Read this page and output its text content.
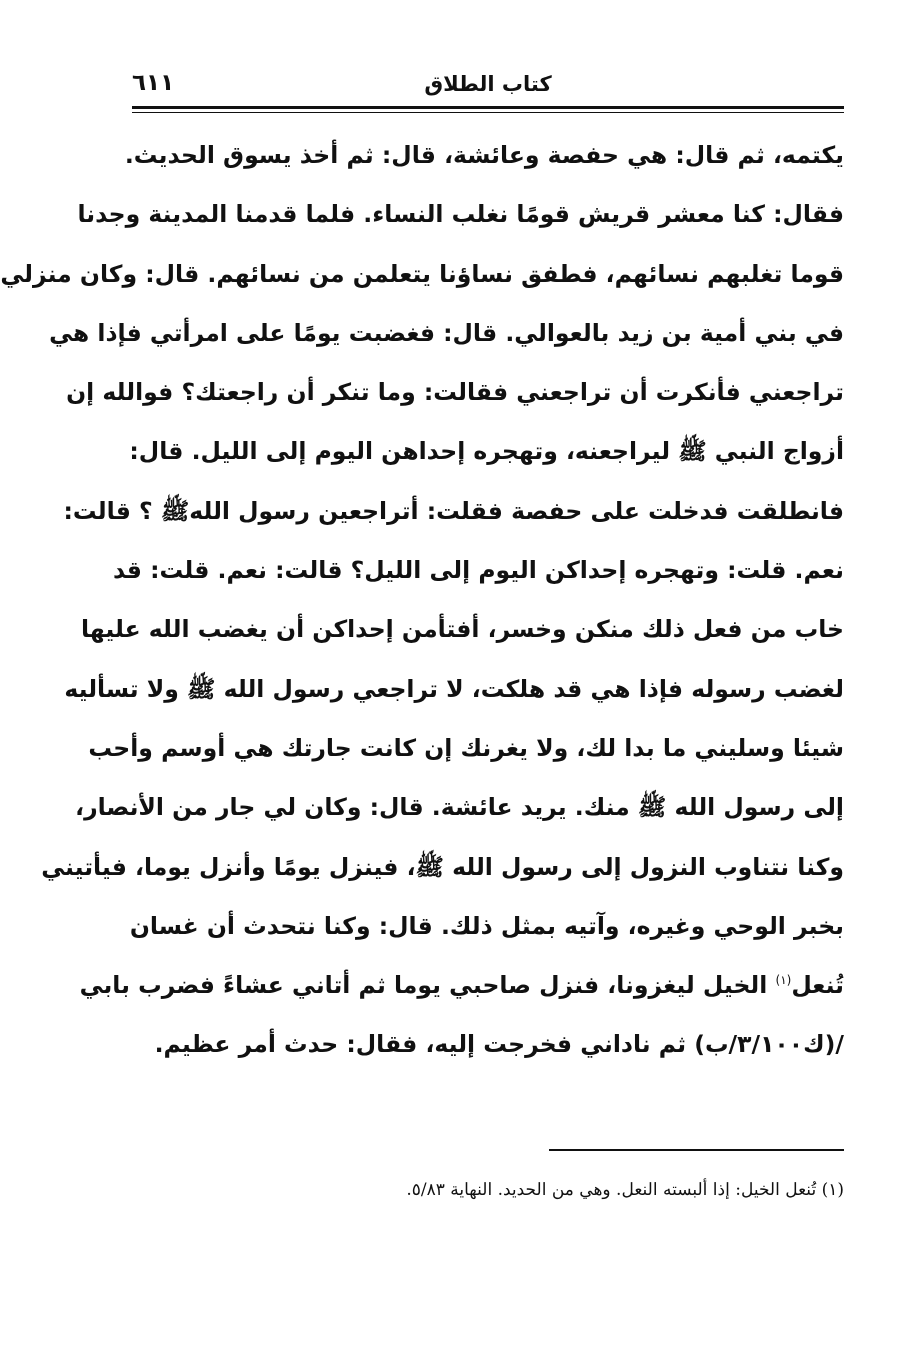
كتاب الطلاق
٦١١
يكتمه، ثم قال: هي حفصة وعائشة، قال: ثم أخذ يسوق الحديث.
فقال: كنا معشر قريش قومًا نغلب النساء. فلما قدمنا المدينة وجدنا
قوما تغلبهم نسائهم، فطفق نساؤنا يتعلمن من نسائهم. قال: وكان منزلي
في بني أمية بن زيد بالعوالي. قال: فغضبت يومًا على امرأتي فإذا هي
تراجعني فأنكرت أن تراجعني فقالت: وما تنكر أن راجعتك؟ فوالله إن
أزواج النبي ﷺ ليراجعنه، وتهجره إحداهن اليوم إلى الليل. قال:
فانطلقت فدخلت على حفصة فقلت: أتراجعين رسول اللهﷺ ؟ قالت:
نعم. قلت: وتهجره إحداكن اليوم إلى الليل؟ قالت: نعم. قلت: قد
خاب من فعل ذلك منكن وخسر، أفتأمن إحداكن أن يغضب الله عليها
لغضب رسوله فإذا هي قد هلكت، لا تراجعي رسول الله ﷺ ولا تسأليه
شيئا وسليني ما بدا لك، ولا يغرنك إن كانت جارتك هي أوسم وأحب
إلى رسول الله ﷺ منك. يريد عائشة. قال: وكان لي جار من الأنصار،
وكنا نتناوب النزول إلى رسول الله ﷺ، فينزل يومًا وأنزل يوما، فيأتيني
بخبر الوحي وغيره، وآتيه بمثل ذلك. قال: وكنا نتحدث أن غسان
تُنعل$^{(١)}$ الخيل ليغزونا، فنزل صاحبي يوما ثم أتاني عشاءً فضرب بابي
/(ك٣/١٠٠/ب) ثم ناداني فخرجت إليه، فقال: حدث أمر عظيم.
(١) تُنعل الخيل: إذا ألبسته النعل. وهي من الحديد. النهاية ٥/٨٣.
